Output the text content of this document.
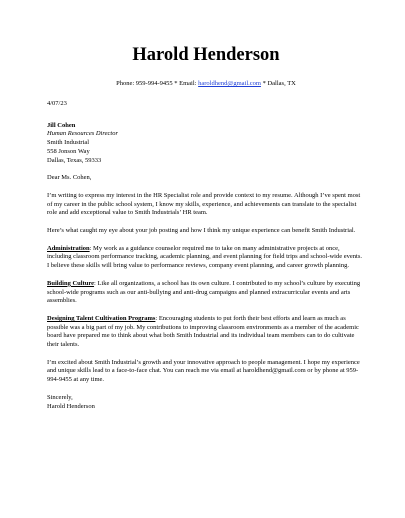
Harold Henderson
Phone: 959-994-9455 * Email: haroldhend@gmail.com * Dallas, TX
4/07/23
Jill Cohen
Human Resources Director
Smith Industrial
558 Jonson Way
Dallas, Texas, 59333
Dear Ms. Cohen,
I’m writing to express my interest in the HR Specialist role and provide context to my resume. Although I’ve spent most of my career in the public school system, I know my skills, experience, and achievements can translate to the specialist role and add exceptional value to Smith Industrials’ HR team.
Here’s what caught my eye about your job posting and how I think my unique experience can benefit Smith Industrial.
Administration: My work as a guidance counselor required me to take on many administrative projects at once, including classroom performance tracking, academic planning, and event planning for field trips and school-wide events. I believe these skills will bring value to performance reviews, company event planning, and career growth planning.
Building Culture: Like all organizations, a school has its own culture. I contributed to my school’s culture by executing school-wide programs such as our anti-bullying and anti-drug campaigns and planned extracurricular events and arts assemblies.
Designing Talent Cultivation Programs: Encouraging students to put forth their best efforts and learn as much as possible was a big part of my job. My contributions to improving classroom environments as a member of the academic board have prepared me to think about what both Smith Industrial and its individual team members can to do cultivate their talents.
I’m excited about Smith Industrial’s growth and your innovative approach to people management. I hope my experience and unique skills lead to a face-to-face chat. You can reach me via email at haroldhend@gmail.com or by phone at 959-994-9455 at any time.
Sincerely,
Harold Henderson
